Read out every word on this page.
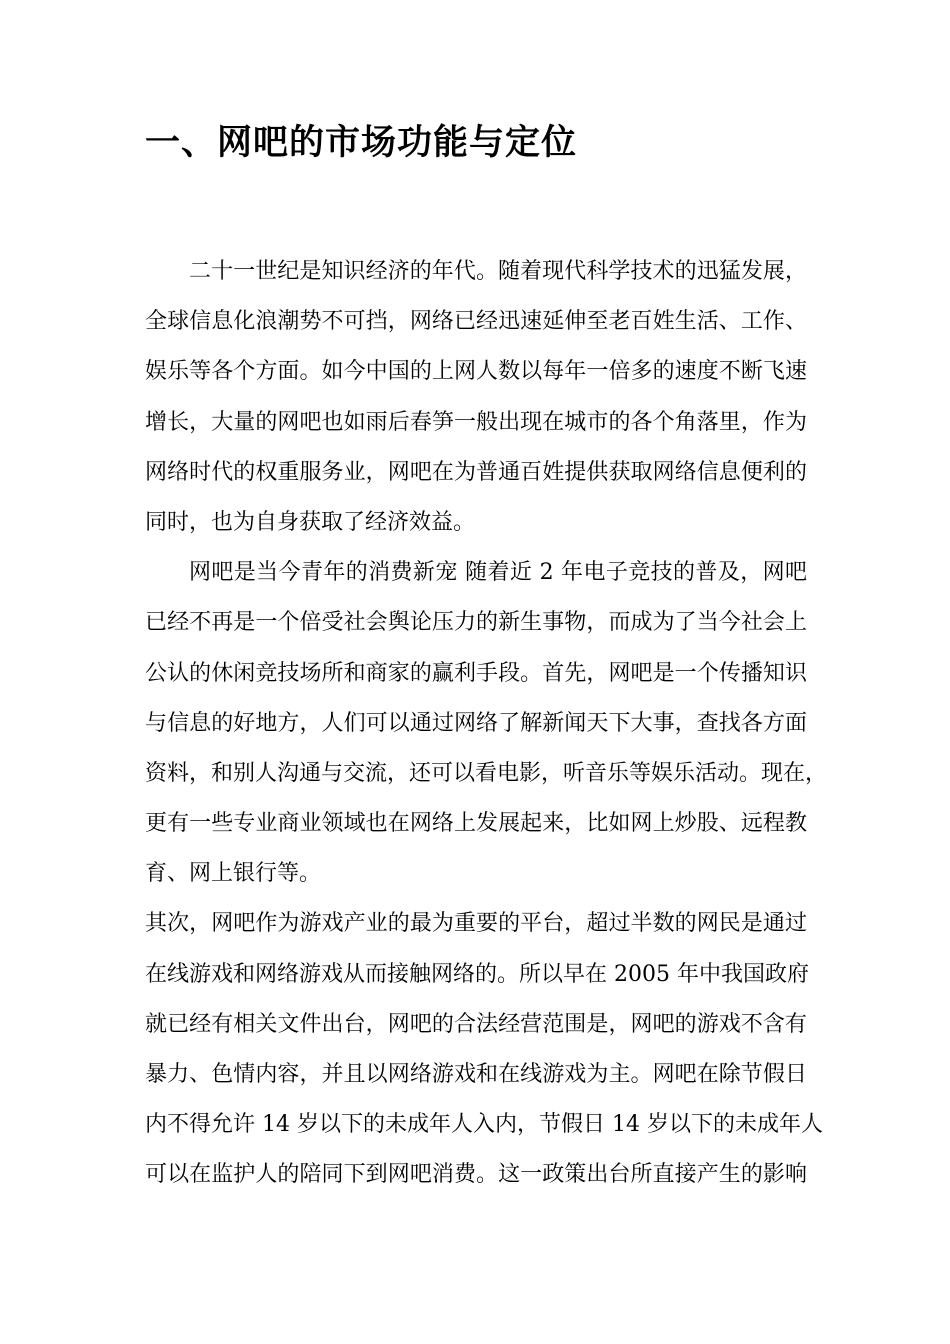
一、网吧的市场功能与定位
二十一世纪是知识经济的年代。随着现代科学技术的迅猛发展，
全球信息化浪潮势不可挡，网络已经迅速延伸至老百姓生活、工作、
娱乐等各个方面。如今中国的上网人数以每年一倍多的速度不断飞速
增长，大量的网吧也如雨后春笋一般出现在城市的各个角落里，作为
网络时代的权重服务业，网吧在为普通百姓提供获取网络信息便利的
同时，也为自身获取了经济效益。
网吧是当今青年的消费新宠 随着近 2 年电子竞技的普及，网吧
已经不再是一个倍受社会舆论压力的新生事物，而成为了当今社会上
公认的休闲竞技场所和商家的赢利手段。首先，网吧是一个传播知识
与信息的好地方，人们可以通过网络了解新闻天下大事，查找各方面
资料，和别人沟通与交流，还可以看电影，听音乐等娱乐活动。现在，
更有一些专业商业领域也在网络上发展起来，比如网上炒股、远程教
育、网上银行等。
其次，网吧作为游戏产业的最为重要的平台，超过半数的网民是通过
在线游戏和网络游戏从而接触网络的。所以早在 2005 年中我国政府
就已经有相关文件出台，网吧的合法经营范围是，网吧的游戏不含有
暴力、色情内容，并且以网络游戏和在线游戏为主。网吧在除节假日
内不得允许 14 岁以下的未成年人入内，节假日 14 岁以下的未成年人
可以在监护人的陪同下到网吧消费。这一政策出台所直接产生的影响
